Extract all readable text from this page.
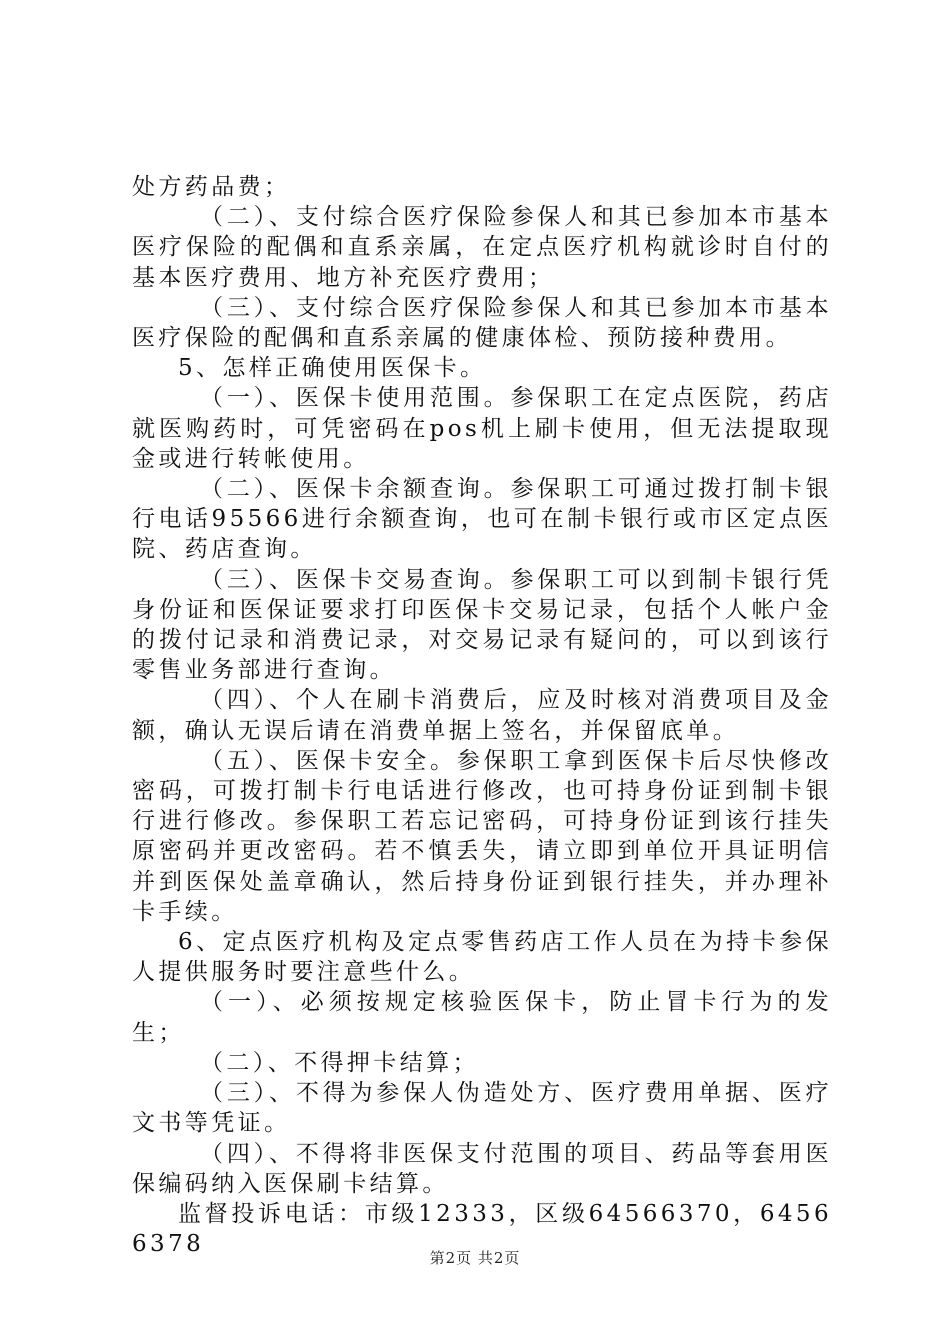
处方药品费；

（二）、支付综合医疗保险参保人和其已参加本市基本医疗保险的配偶和直系亲属，在定点医疗机构就诊时自付的基本医疗费用、地方补充医疗费用；

（三）、支付综合医疗保险参保人和其已参加本市基本医疗保险的配偶和直系亲属的健康体检、预防接种费用。

5、怎样正确使用医保卡。

（一）、医保卡使用范围。参保职工在定点医院，药店就医购药时，可凭密码在pos机上刷卡使用，但无法提取现金或进行转帐使用。

（二）、医保卡余额查询。参保职工可通过拨打制卡银行电话95566进行余额查询，也可在制卡银行或市区定点医院、药店查询。

（三）、医保卡交易查询。参保职工可以到制卡银行凭身份证和医保证要求打印医保卡交易记录，包括个人帐户金的拨付记录和消费记录，对交易记录有疑问的，可以到该行零售业务部进行查询。

（四）、个人在刷卡消费后，应及时核对消费项目及金额，确认无误后请在消费单据上签名，并保留底单。

（五）、医保卡安全。参保职工拿到医保卡后尽快修改密码，可拨打制卡行电话进行修改，也可持身份证到制卡银行进行修改。参保职工若忘记密码，可持身份证到该行挂失原密码并更改密码。若不慎丢失，请立即到单位开具证明信并到医保处盖章确认，然后持身份证到银行挂失，并办理补卡手续。

6、定点医疗机构及定点零售药店工作人员在为持卡参保人提供服务时要注意些什么。

（一）、必须按规定核验医保卡，防止冒卡行为的发生；

（二）、不得押卡结算；

（三）、不得为参保人伪造处方、医疗费用单据、医疗文书等凭证。

（四）、不得将非医保支付范围的项目、药品等套用医保编码纳入医保刷卡结算。

监督投诉电话：市级12333，区级64566370，64566378

第2页 共2页
